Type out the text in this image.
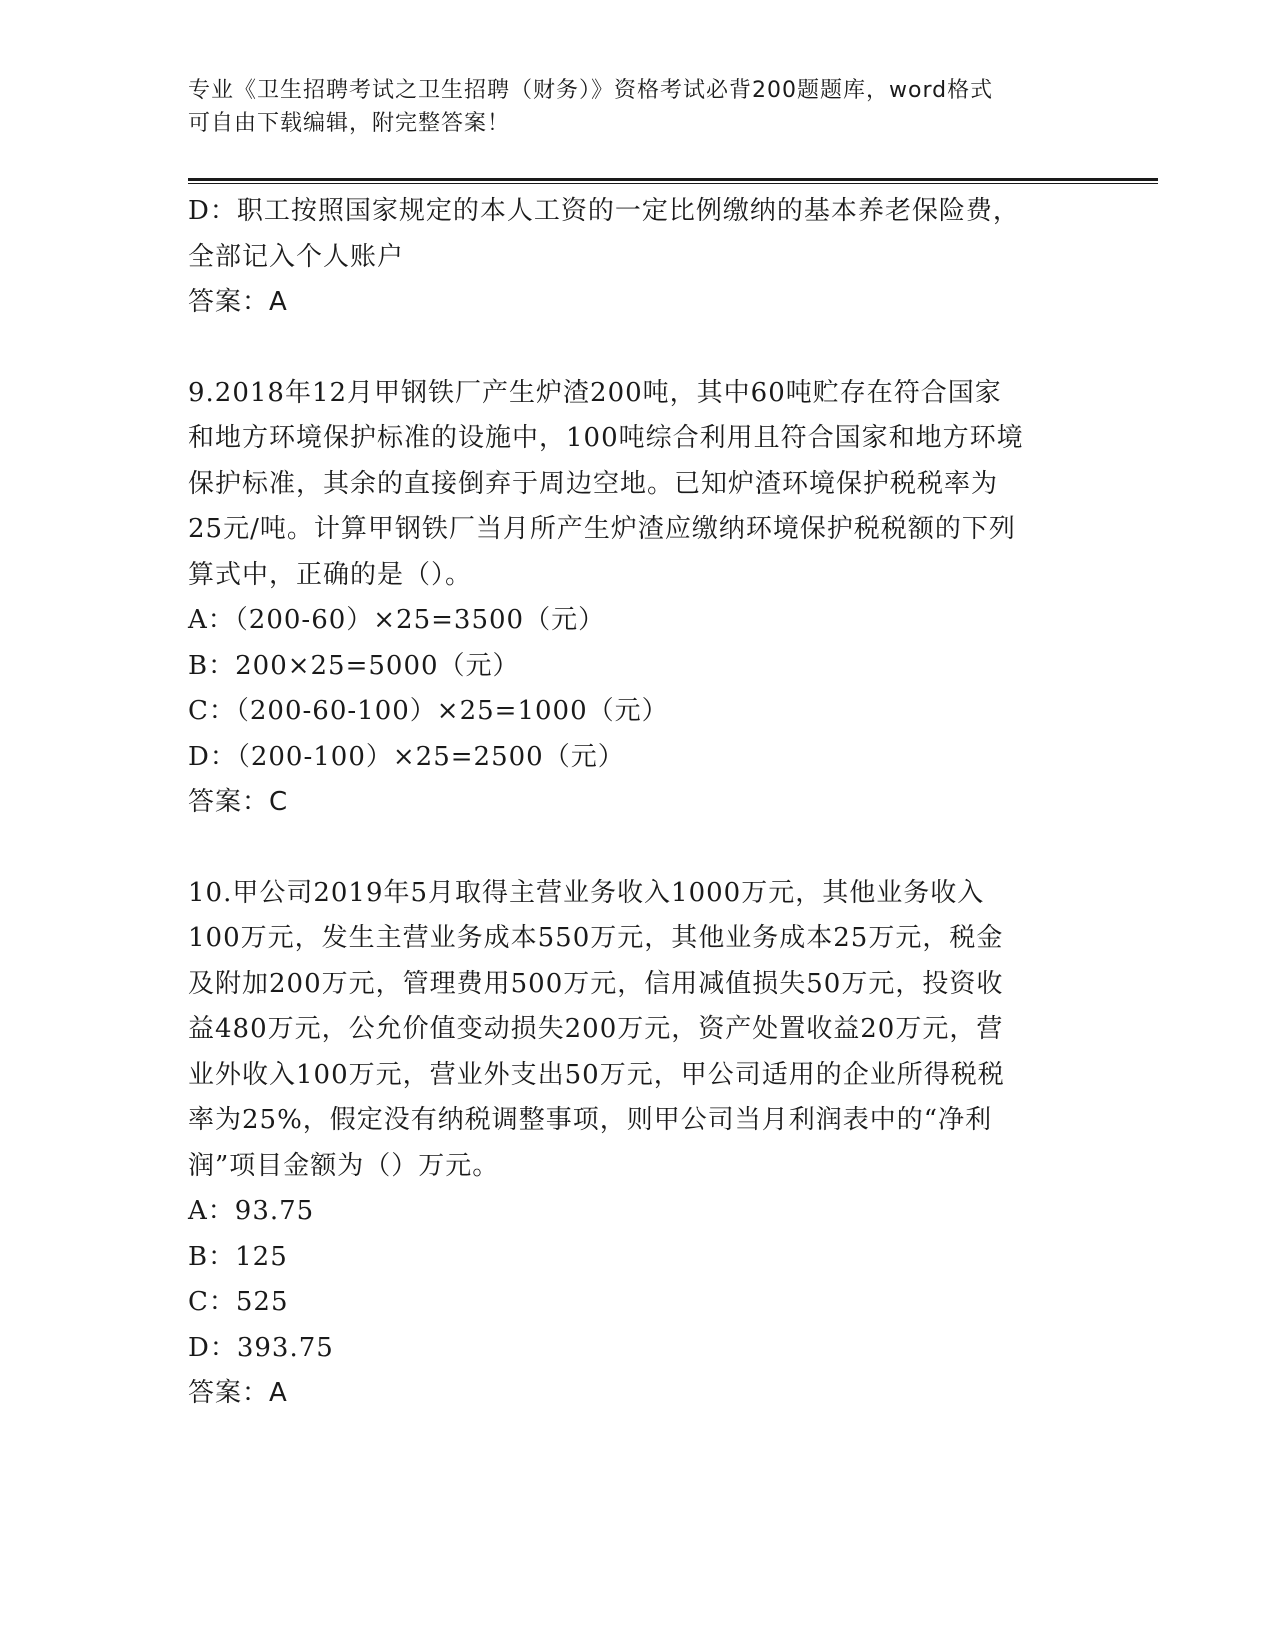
专业《卫生招聘考试之卫生招聘（财务）》资格考试必背200题题库，word格式
可自由下载编辑，附完整答案！
D：职工按照国家规定的本人工资的一定比例缴纳的基本养老保险费，
全部记入个人账户
答案：A
9.2018年12月甲钢铁厂产生炉渣200吨，其中60吨贮存在符合国家
和地方环境保护标准的设施中，100吨综合利用且符合国家和地方环境
保护标准，其余的直接倒弃于周边空地。已知炉渣环境保护税税率为
25元/吨。计算甲钢铁厂当月所产生炉渣应缴纳环境保护税税额的下列
算式中，正确的是（）。
A：（200-60）×25=3500（元）
B：200×25=5000（元）
C：（200-60-100）×25=1000（元）
D：（200-100）×25=2500（元）
答案：C
10.甲公司2019年5月取得主营业务收入1000万元，其他业务收入
100万元，发生主营业务成本550万元，其他业务成本25万元，税金
及附加200万元，管理费用500万元，信用减值损失50万元，投资收
益480万元，公允价值变动损失200万元，资产处置收益20万元，营
业外收入100万元，营业外支出50万元，甲公司适用的企业所得税税
率为25%，假定没有纳税调整事项，则甲公司当月利润表中的“净利
润”项目金额为（）万元。
A：93.75
B：125
C：525
D：393.75
答案：A
